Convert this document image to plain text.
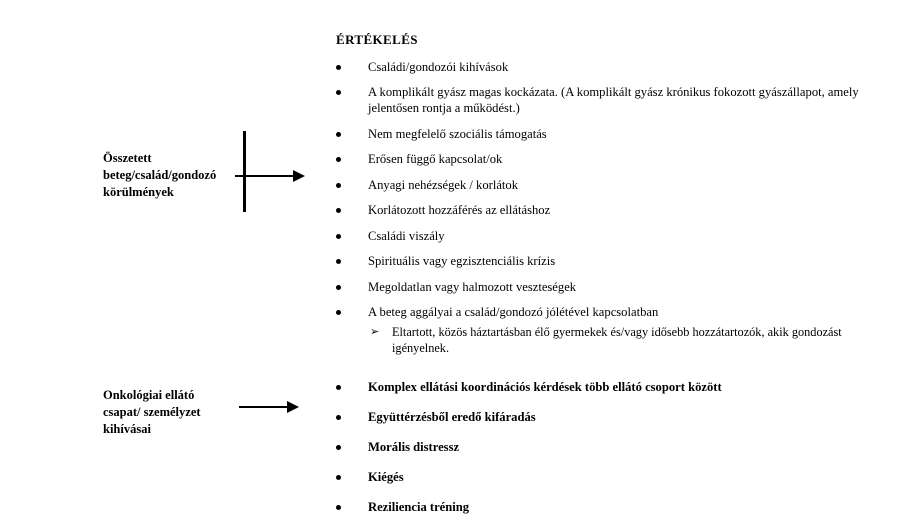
Összetett beteg/család/gondozó körülmények
Onkológiai ellátó csapat/ személyzet kihívásai
ÉRTÉKELÉS
Családi/gondozói kihívások
A komplikált gyász magas kockázata. (A komplikált gyász krónikus fokozott gyászállapot, amely jelentősen rontja a működést.)
Nem megfelelő szociális támogatás
Erősen függő kapcsolat/ok
Anyagi nehézségek / korlátok
Korlátozott hozzáférés az ellátáshoz
Családi viszály
Spirituális vagy egzisztenciális krízis
Megoldatlan vagy halmozott veszteségek
A beteg aggályai a család/gondozó jólétével kapcsolatban
➢ Eltartott, közös háztartásban élő gyermekek és/vagy idősebb hozzátartozók, akik gondozást igényelnek.
Komplex ellátási koordinációs kérdések több ellátó csoport között
Együttérzésből eredő kifáradás
Morális distressz
Kiégés
Reziliencia tréning
